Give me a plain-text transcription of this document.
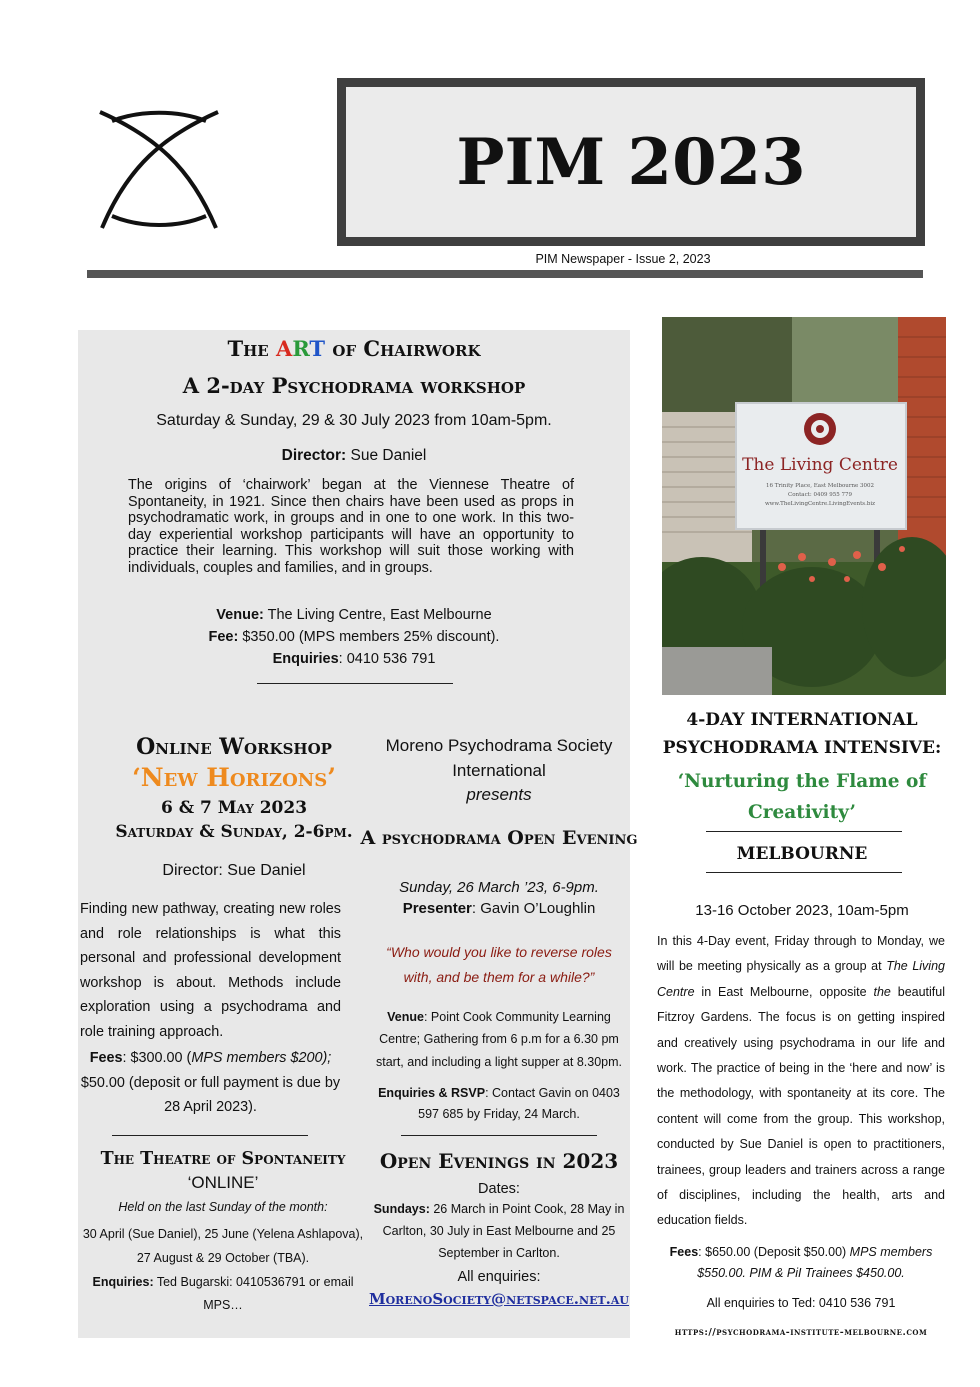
PIM 2023
PIM Newspaper - Issue 2, 2023
The ART of Chairwork
A 2-day Psychodrama workshop
Saturday & Sunday, 29 & 30 July 2023 from 10am-5pm.
Director: Sue Daniel
The origins of ‘chairwork’ began at the Viennese Theatre of Spontaneity, in 1921. Since then chairs have been used as props in psychodramatic work, in groups and in one to one work. In this two-day experiential workshop participants will have an opportunity to practice their learning. This workshop will suit those working with individuals, couples and families, and in groups.
Venue: The Living Centre, East Melbourne
Fee: $350.00 (MPS members 25% discount).
Enquiries: 0410 536 791
Online Workshop
‘New Horizons’
6 & 7 May 2023
Saturday & Sunday, 2-6pm.
Director: Sue Daniel
Finding new pathway, creating new roles and role relationships is what this personal and professional development workshop is about. Methods include exploration using a psychodrama and role training approach.
Fees: $300.00 (MPS members $200); $50.00 (deposit or full payment is due by 28 April 2023).
The Theatre of Spontaneity
‘ONLINE’
Held on the last Sunday of the month:
30 April (Sue Daniel), 25 June (Yelena Ashlapova), 27 August & 29 October (TBA).
Enquiries: Ted Bugarski: 0410536791 or email MPS…
Moreno Psychodrama Society
International
presents
A psychodrama Open Evening
Sunday, 26 March ’23, 6-9pm.
Presenter: Gavin O’Loughlin
“Who would you like to reverse roles with, and be them for a while?”
Venue: Point Cook Community Learning Centre; Gathering from 6 p.m for a 6.30 pm start, and including a light supper at 8.30pm.
Enquiries & RSVP: Contact Gavin on 0403 597 685 by Friday, 24 March.
Open Evenings in 2023
Dates:
Sundays: 26 March in Point Cook, 28 May in Carlton, 30 July in East Melbourne and 25 September in Carlton.
All enquiries:
MorenoSociety@netspace.net.au
The Living Centre
16 Trinity Place, East Melbourne 3002
Contact: 0409 955 779
www.TheLivingCentre.LivingEvents.biz
4-DAY INTERNATIONAL
PSYCHODRAMA INTENSIVE:
‘Nurturing the Flame of Creativity’
MELBOURNE
13-16 October 2023, 10am-5pm
In this 4-Day event, Friday through to Monday, we will be meeting physically as a group at The Living Centre in East Melbourne, opposite the beautiful Fitzroy Gardens. The focus is on getting inspired and creatively using psychodrama in our life and work. The practice of being in the ‘here and now’ is the methodology, with spontaneity at its core. The content will come from the group. This workshop, conducted by Sue Daniel is open to practitioners, trainees, group leaders and trainers across a range of disciplines, including the health, arts and education fields.
Fees: $650.00 (Deposit $50.00) MPS members $550.00. PIM & PiI Trainees $450.00.
All enquiries to Ted: 0410 536 791
https://psychodrama-institute-melbourne.com
